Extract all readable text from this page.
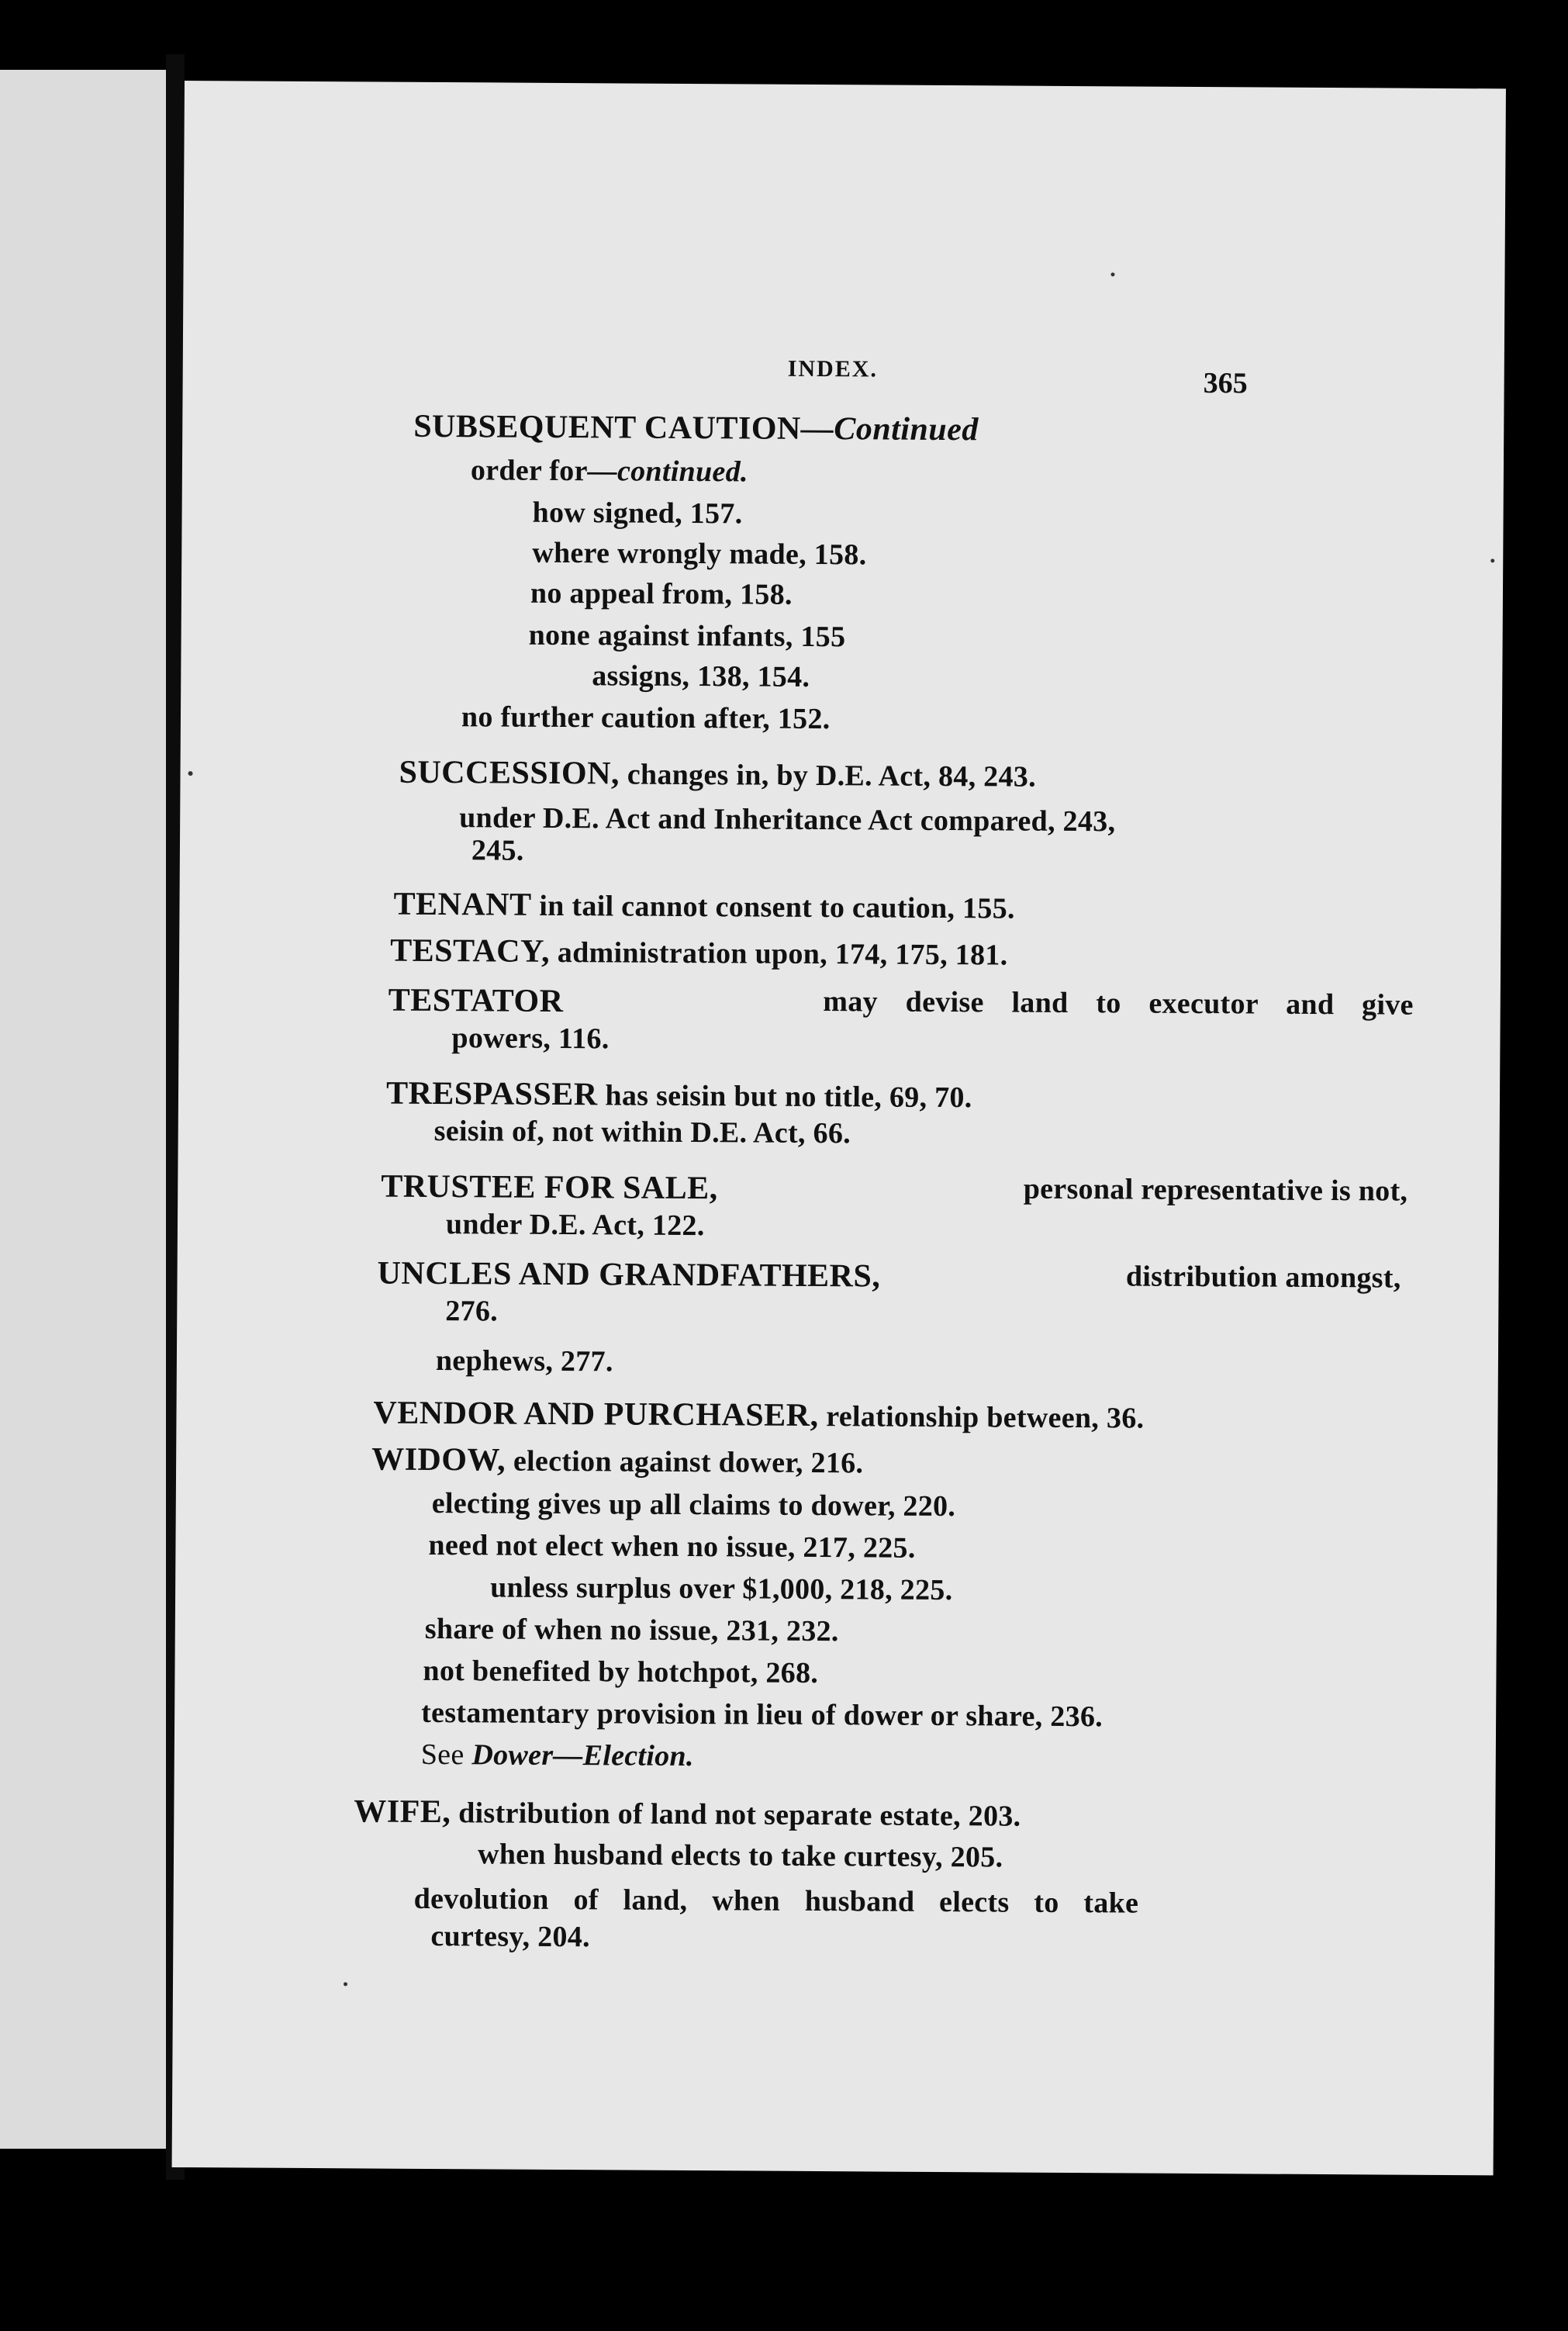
INDEX.	365
SUBSEQUENT CAUTION—Continued
order for—continued.
how signed, 157.
where wrongly made, 158.
no appeal from, 158.
none against infants, 155
assigns, 138, 154.
no further caution after, 152.
SUCCESSION, changes in, by D.E. Act, 84, 243.
under D.E. Act and Inheritance Act compared, 243,
245.
TENANT in tail cannot consent to caution, 155.
TESTACY, administration upon, 174, 175, 181.
TESTATOR	may devise land to executor and give
powers, 116.
TRESPASSER has seisin but no title, 69, 70.
seisin of, not within D.E. Act, 66.
TRUSTEE FOR SALE,	personal representative is not,
under D.E. Act, 122.
UNCLES AND GRANDFATHERS,	distribution amongst,
276.
nephews, 277.
VENDOR AND PURCHASER, relationship between, 36.
WIDOW, election against dower, 216.
electing gives up all claims to dower, 220.
need not elect when no issue, 217, 225.
unless surplus over $1,000, 218, 225.
share of when no issue, 231, 232.
not benefited by hotchpot, 268.
testamentary provision in lieu of dower or share, 236.
See Dower—Election.
WIFE, distribution of land not separate estate, 203.
when husband elects to take curtesy, 205.
devolution of land, when husband elects to take
curtesy, 204.
